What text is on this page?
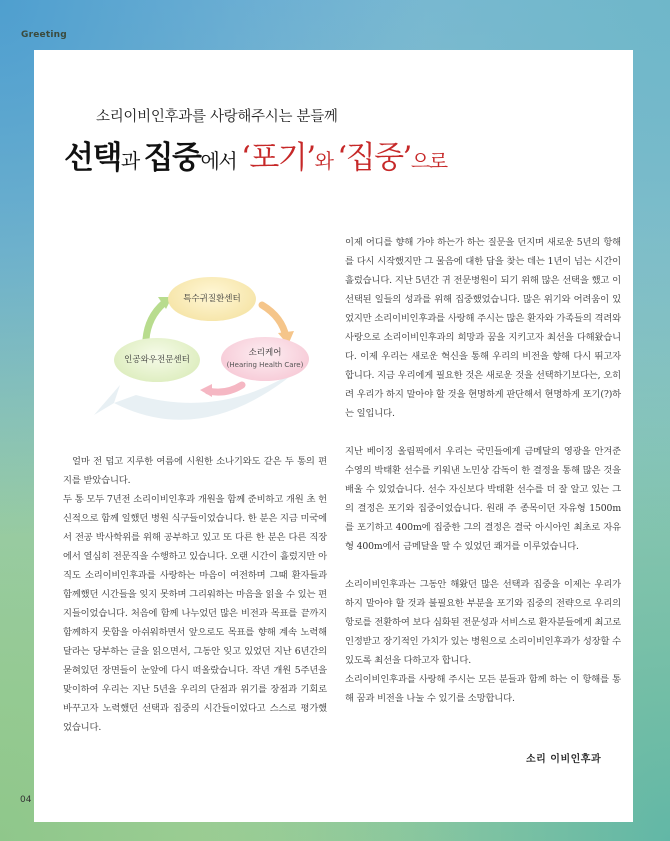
Greeting
소리이비인후과를 사랑해주시는 분들께
선택과 집중에서 ‘포기’와 ‘집중’으로
특수귀질환센터
인공와우전문센터
소리케어
(Hearing Health Care)

얼마 전 덥고 지루한 여름에 시원한 소나기와도 같은 두 통의 편지를 받았습니다.

두 통 모두 7년전 소리이비인후과 개원을 함께 준비하고 개원 초 헌신적으로 함께 일했던 병원 식구들이었습니다. 한 분은 지금 미국에서 전공 박사학위를 위해 공부하고 있고 또 다른 한 분은 다른 직장에서 열심히 전문직을 수행하고 있습니다. 오랜 시간이 흘렀지만 아직도 소리이비인후과를 사랑하는 마음이 여전하며 그때 환자들과 함께했던 시간들을 잊지 못하며 그리워하는 마음을 읽을 수 있는 편지들이었습니다. 처음에 함께 나누었던 많은 비전과 목표를 끝까지 함께하지 못함을 아쉬워하면서 앞으로도 목표를 향해 계속 노력해 달라는 당부하는 글을 읽으면서, 그동안 잊고 있었던 지난 6년간의 묻혀있던 장면들이 눈앞에 다시 떠올랐습니다. 작년 개원 5주년을 맞이하여 우리는 지난 5년을 우리의 단점과 위기를 장점과 기회로 바꾸고자 노력했던 선택과 집중의 시간들이었다고 스스로 평가했었습니다.

이제 어디를 향해 가야 하는가 하는 질문을 던지며 새로운 5년의 항해를 다시 시작했지만 그 물음에 대한 답을 찾는 데는 1년이 넘는 시간이 흘렀습니다. 지난 5년간 귀 전문병원이 되기 위해 많은 선택을 했고 이 선택된 일들의 성과를 위해 집중했었습니다. 많은 위기와 어려움이 있었지만 소리이비인후과를 사랑해 주시는 많은 환자와 가족들의 격려와 사랑으로 소리이비인후과의 희망과 꿈을 지키고자 최선을 다해왔습니다. 이제 우리는 새로운 혁신을 통해 우리의 비전을 향해 다시 뛰고자 합니다. 지금 우리에게 필요한 것은 새로운 것을 선택하기보다는, 오히려 우리가 하지 말아야 할 것을 현명하게 판단해서 현명하게 포기(?)하는 일입니다.

지난 베이징 올림픽에서 우리는 국민들에게 금메달의 영광을 안겨준 수영의 박태환 선수를 키워낸 노민상 감독이 한 결정을 통해 많은 것을 배울 수 있었습니다. 선수 자신보다 박태환 선수를 더 잘 알고 있는 그의 결정은 포기와 집중이었습니다. 원래 주 종목이던 자유형 1500m를 포기하고 400m에 집중한 그의 결정은 결국 아시아인 최초로 자유형 400m에서 금메달을 딸 수 있었던 쾌거를 이루었습니다.

소리이비인후과는 그동안 해왔던 많은 선택과 집중을 이제는 우리가 하지 말아야 할 것과 불필요한 부분을 포기와 집중의 전략으로 우리의 항로를 전환하여 보다 심화된 전문성과 서비스로 환자분들에게 최고로 인정받고 장기적인 가치가 있는 병원으로 소리이비인후과가 성장할 수 있도록 최선을 다하고자 합니다.

소리이비인후과를 사랑해 주시는 모든 분들과 함께 하는 이 항해를 통해 꿈과 비전을 나눌 수 있기를 소망합니다.

소리 이비인후과
04
